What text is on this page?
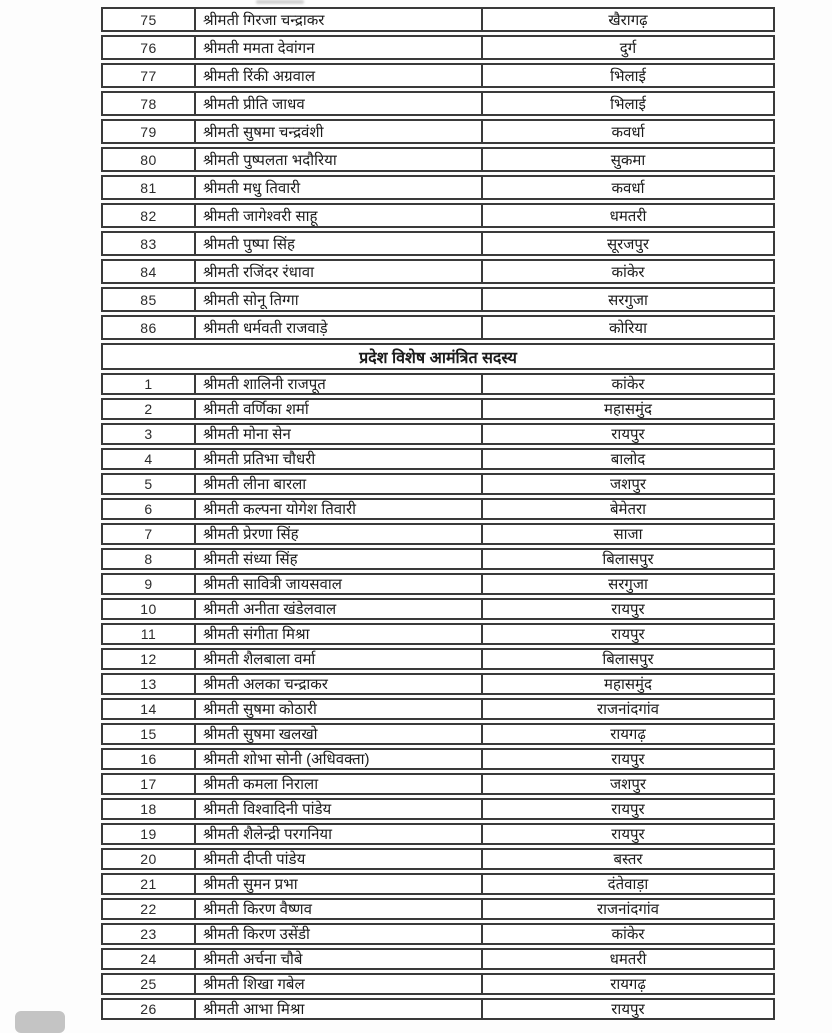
75	श्रीमती गिरजा चन्द्राकर	खैरागढ़
76	श्रीमती ममता देवांगन	दुर्ग
77	श्रीमती रिंकी अग्रवाल	भिलाई
78	श्रीमती प्रीति जाधव	भिलाई
79	श्रीमती सुषमा चन्द्रवंशी	कवर्धा
80	श्रीमती पुष्पलता भदौरिया	सुकमा
81	श्रीमती मधु तिवारी	कवर्धा
82	श्रीमती जागेश्वरी साहू	धमतरी
83	श्रीमती पुष्पा सिंह	सूरजपुर
84	श्रीमती रजिंदर रंधावा	कांकेर
85	श्रीमती सोनू तिग्गा	सरगुजा
86	श्रीमती धर्मवती राजवाड़े	कोरिया
प्रदेश विशेष आमंत्रित सदस्य
1	श्रीमती शालिनी राजपूत	कांकेर
2	श्रीमती वर्णिका शर्मा	महासमुंद
3	श्रीमती मोना सेन	रायपुर
4	श्रीमती प्रतिभा चौधरी	बालोद
5	श्रीमती लीना बारला	जशपुर
6	श्रीमती कल्पना योगेश तिवारी	बेमेतरा
7	श्रीमती प्रेरणा सिंह	साजा
8	श्रीमती संध्या सिंह	बिलासपुर
9	श्रीमती सावित्री जायसवाल	सरगुजा
10	श्रीमती अनीता खंडेलवाल	रायपुर
11	श्रीमती संगीता मिश्रा	रायपुर
12	श्रीमती शैलबाला वर्मा	बिलासपुर
13	श्रीमती अलका चन्द्राकर	महासमुंद
14	श्रीमती सुषमा कोठारी	राजनांदगांव
15	श्रीमती सुषमा खलखो	रायगढ़
16	श्रीमती शोभा सोनी (अधिवक्ता)	रायपुर
17	श्रीमती कमला निराला	जशपुर
18	श्रीमती विश्वादिनी पांडेय	रायपुर
19	श्रीमती शैलेन्द्री परगनिया	रायपुर
20	श्रीमती दीप्ती पांडेय	बस्तर
21	श्रीमती सुमन प्रभा	दंतेवाड़ा
22	श्रीमती किरण वैष्णव	राजनांदगांव
23	श्रीमती किरण उसेंडी	कांकेर
24	श्रीमती अर्चना चौबे	धमतरी
25	श्रीमती शिखा गबेल	रायगढ़
26	श्रीमती आभा मिश्रा	रायपुर
